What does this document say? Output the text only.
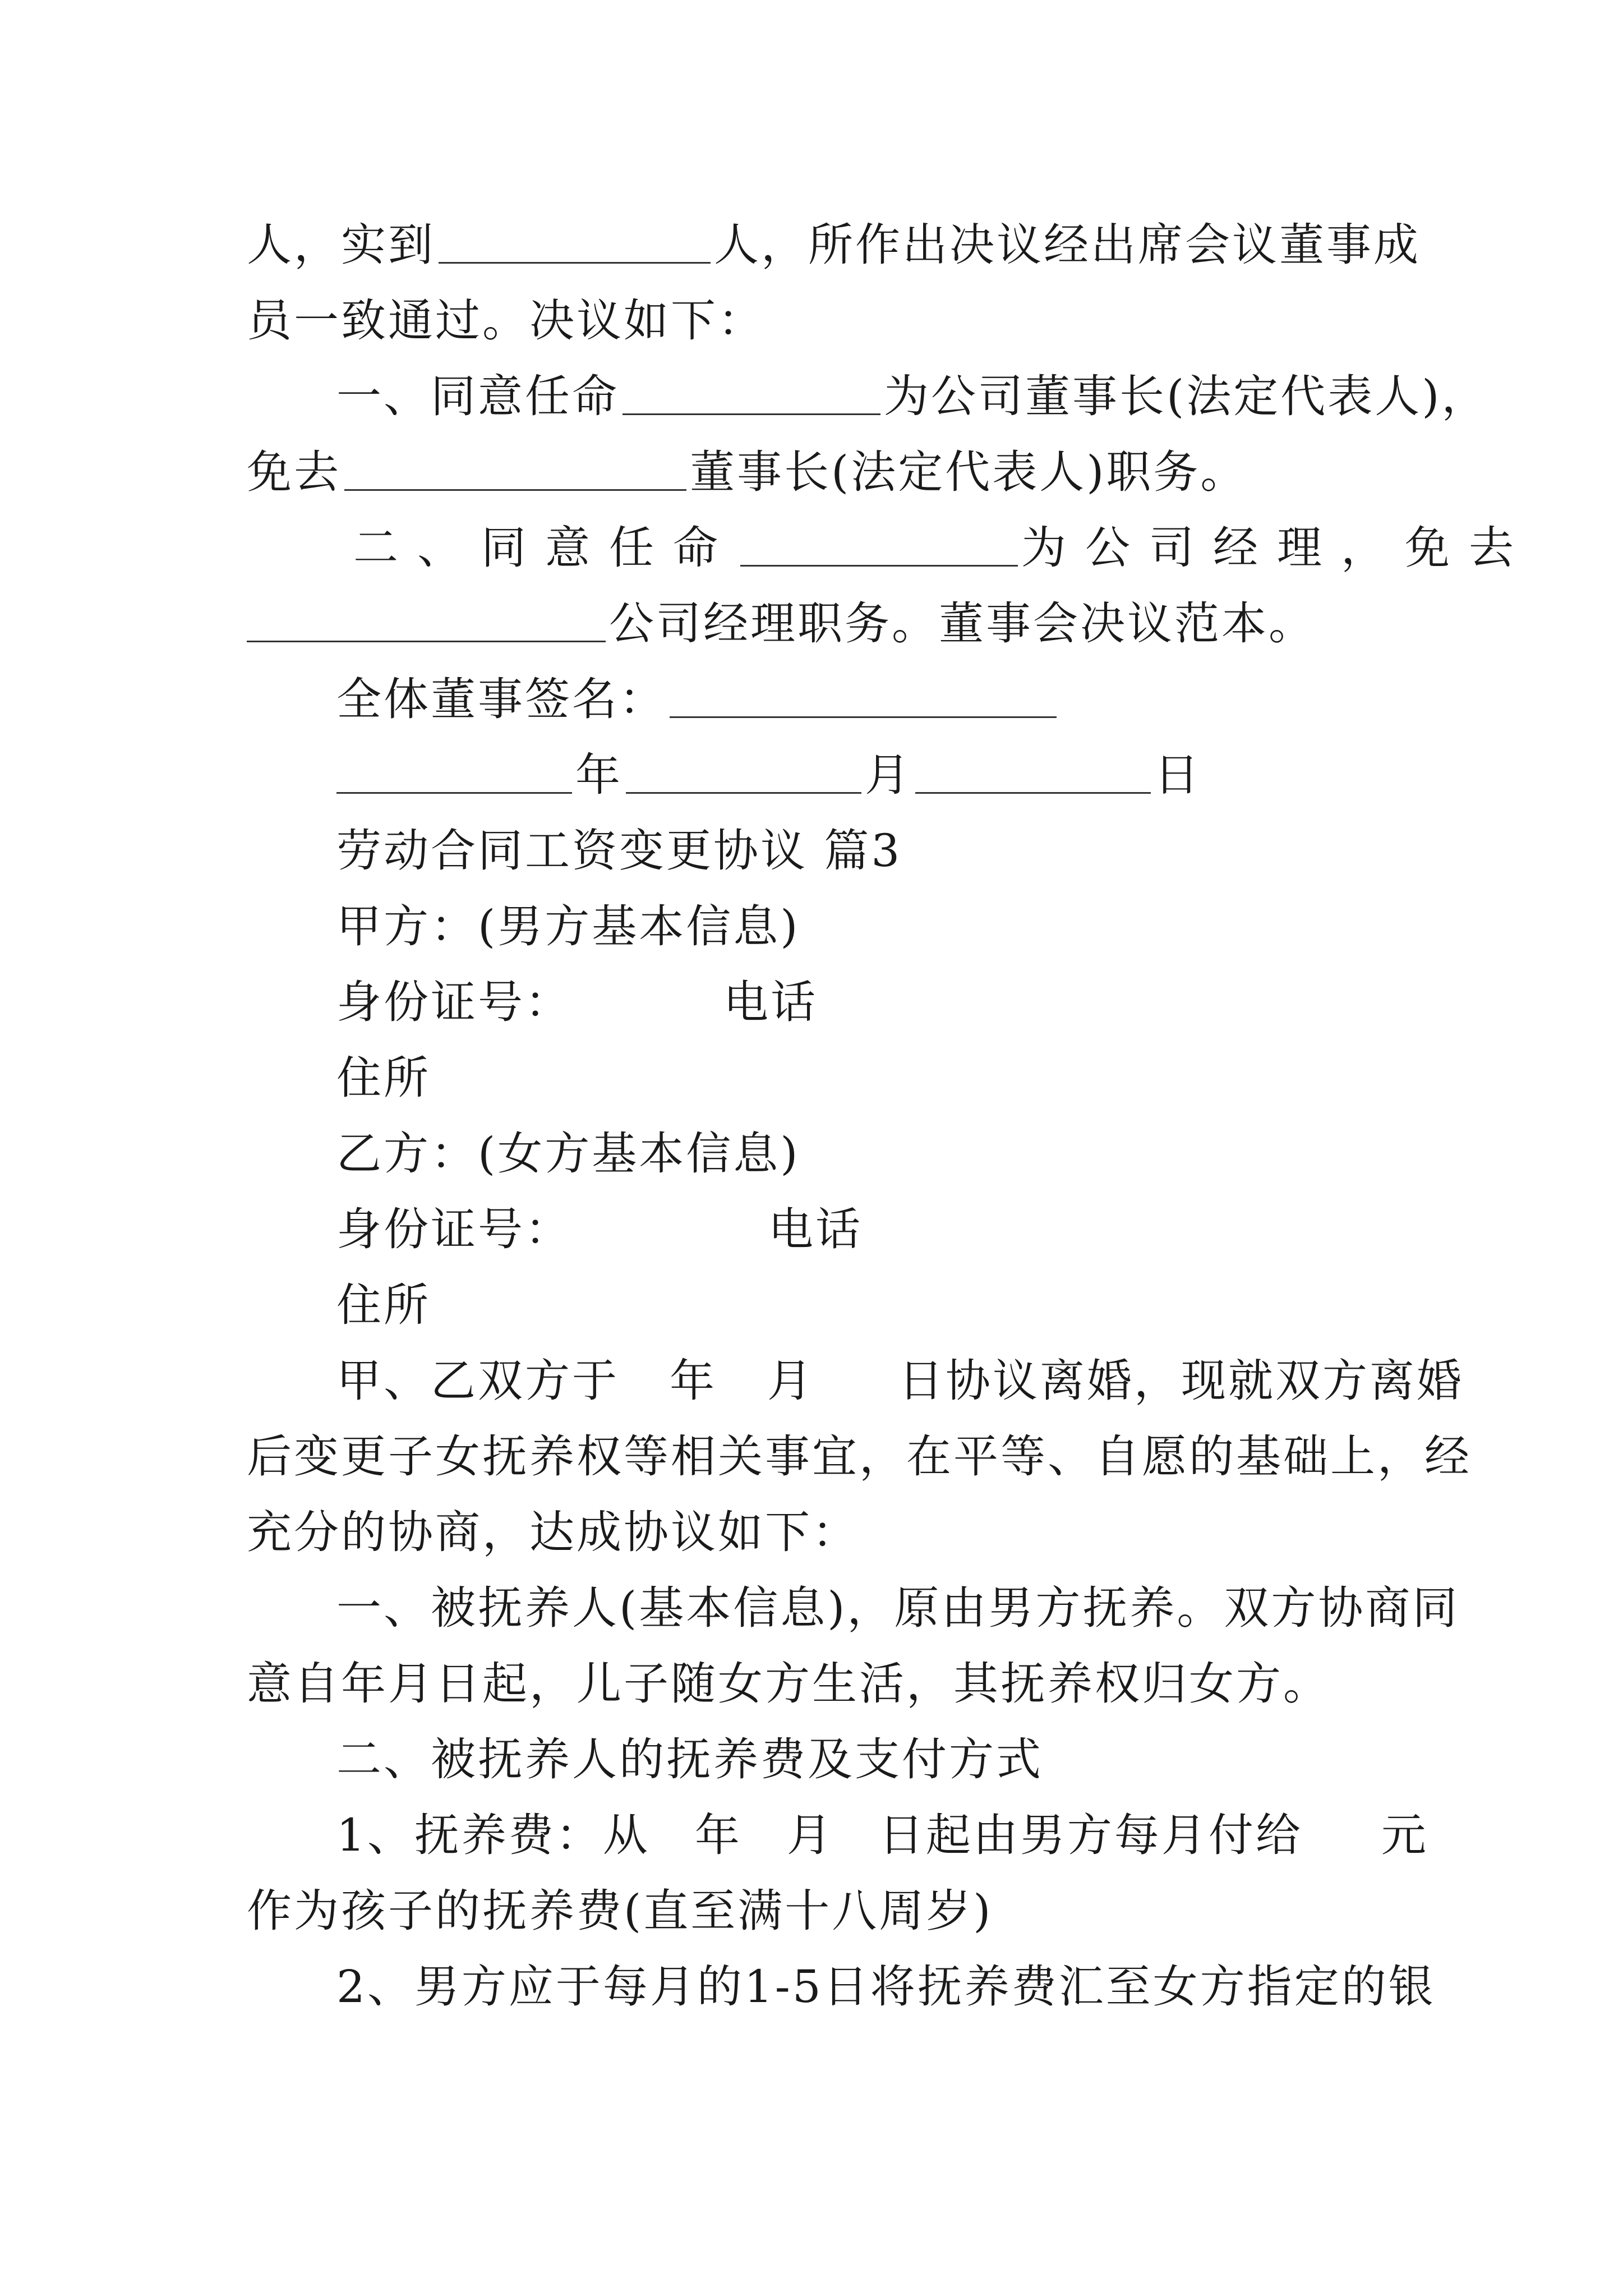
人，实到	人，所作出决议经出席会议董事成
员一致通过。决议如下：
一、同意任命	为公司董事长(法定代表人)，
免去	董事长(法定代表人)职务。
二、同意任命	为公司经理，免去
公司经理职务。董事会决议范本。
全体董事签名：
年	月	日
劳动合同工资变更协议 篇3
甲方：(男方基本信息)
身份证号：	电话
住所
乙方：(女方基本信息)
身份证号：	电话
住所
甲、乙双方于 年 月 日协议离婚，现就双方离婚
后变更子女抚养权等相关事宜，在平等、自愿的基础上，经
充分的协商，达成协议如下：
一、被抚养人(基本信息)，原由男方抚养。双方协商同
意自年月日起，儿子随女方生活，其抚养权归女方。
二、被抚养人的抚养费及支付方式
1、抚养费：从 年 月 日起由男方每月付给 元
作为孩子的抚养费(直至满十八周岁)
2、男方应于每月的1-5日将抚养费汇至女方指定的银
